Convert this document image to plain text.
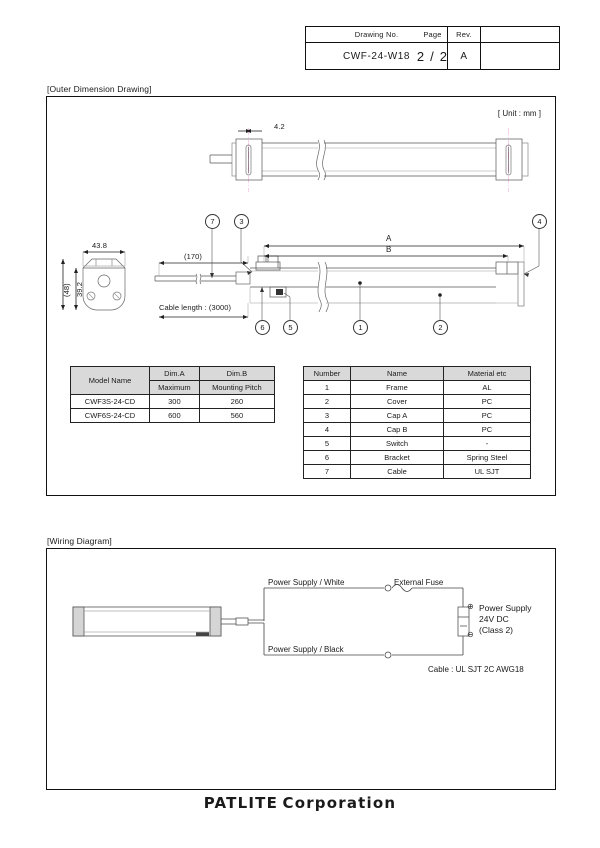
Drawing No.
CWF-24-W18
Rev.
A
Page
2 / 2
[Outer Dimension Drawing]
[ Unit : mm ]
4.2
43.8
(48) 39.2
(170)
Cable length : (3000)
A
B
7	3	4
6	5	1	2
Model Name	Dim.A	Dim.B
	Maximum	Mounting Pitch
CWF3S-24-CD	300	260
CWF6S-24-CD	600	560
Number	Name	Material etc
1	Frame	AL
2	Cover	PC
3	Cap A	PC
4	Cap B	PC
5	Switch	-
6	Bracket	Spring Steel
7	Cable	UL SJT
[Wiring Diagram]
Power Supply / White
Power Supply / Black
External Fuse
⊕
⊖
Power Supply
24V DC
(Class 2)
Cable : UL SJT 2C AWG18
PATLITE Corporation
